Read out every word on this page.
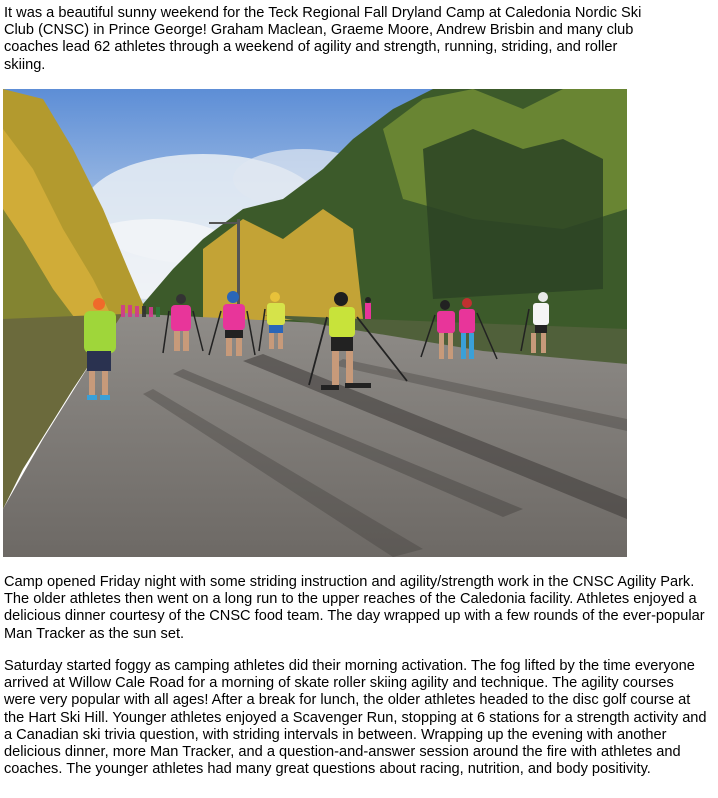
It was a beautiful sunny weekend for the Teck Regional Fall Dryland Camp at Caledonia Nordic Ski Club (CNSC) in Prince George! Graham Maclean, Graeme Moore, Andrew Brisbin and many club coaches lead 62 athletes through a weekend of agility and strength, running, striding, and roller skiing.

Camp opened Friday night with some striding instruction and agility/strength work in the CNSC Agility Park. The older athletes then went on a long run to the upper reaches of the Caledonia facility. Athletes enjoyed a delicious dinner courtesy of the CNSC food team. The day wrapped up with a few rounds of the ever-popular Man Tracker as the sun set.

Saturday started foggy as camping athletes did their morning activation. The fog lifted by the time everyone arrived at Willow Cale Road for a morning of skate roller skiing agility and technique. The agility courses were very popular with all ages! After a break for lunch, the older athletes headed to the disc golf course at the Hart Ski Hill. Younger athletes enjoyed a Scavenger Run, stopping at 6 stations for a strength activity and a Canadian ski trivia question, with striding intervals in between. Wrapping up the evening with another delicious dinner, more Man Tracker, and a question-and-answer session around the fire with athletes and coaches. The younger athletes had many great questions about racing, nutrition, and body positivity.
